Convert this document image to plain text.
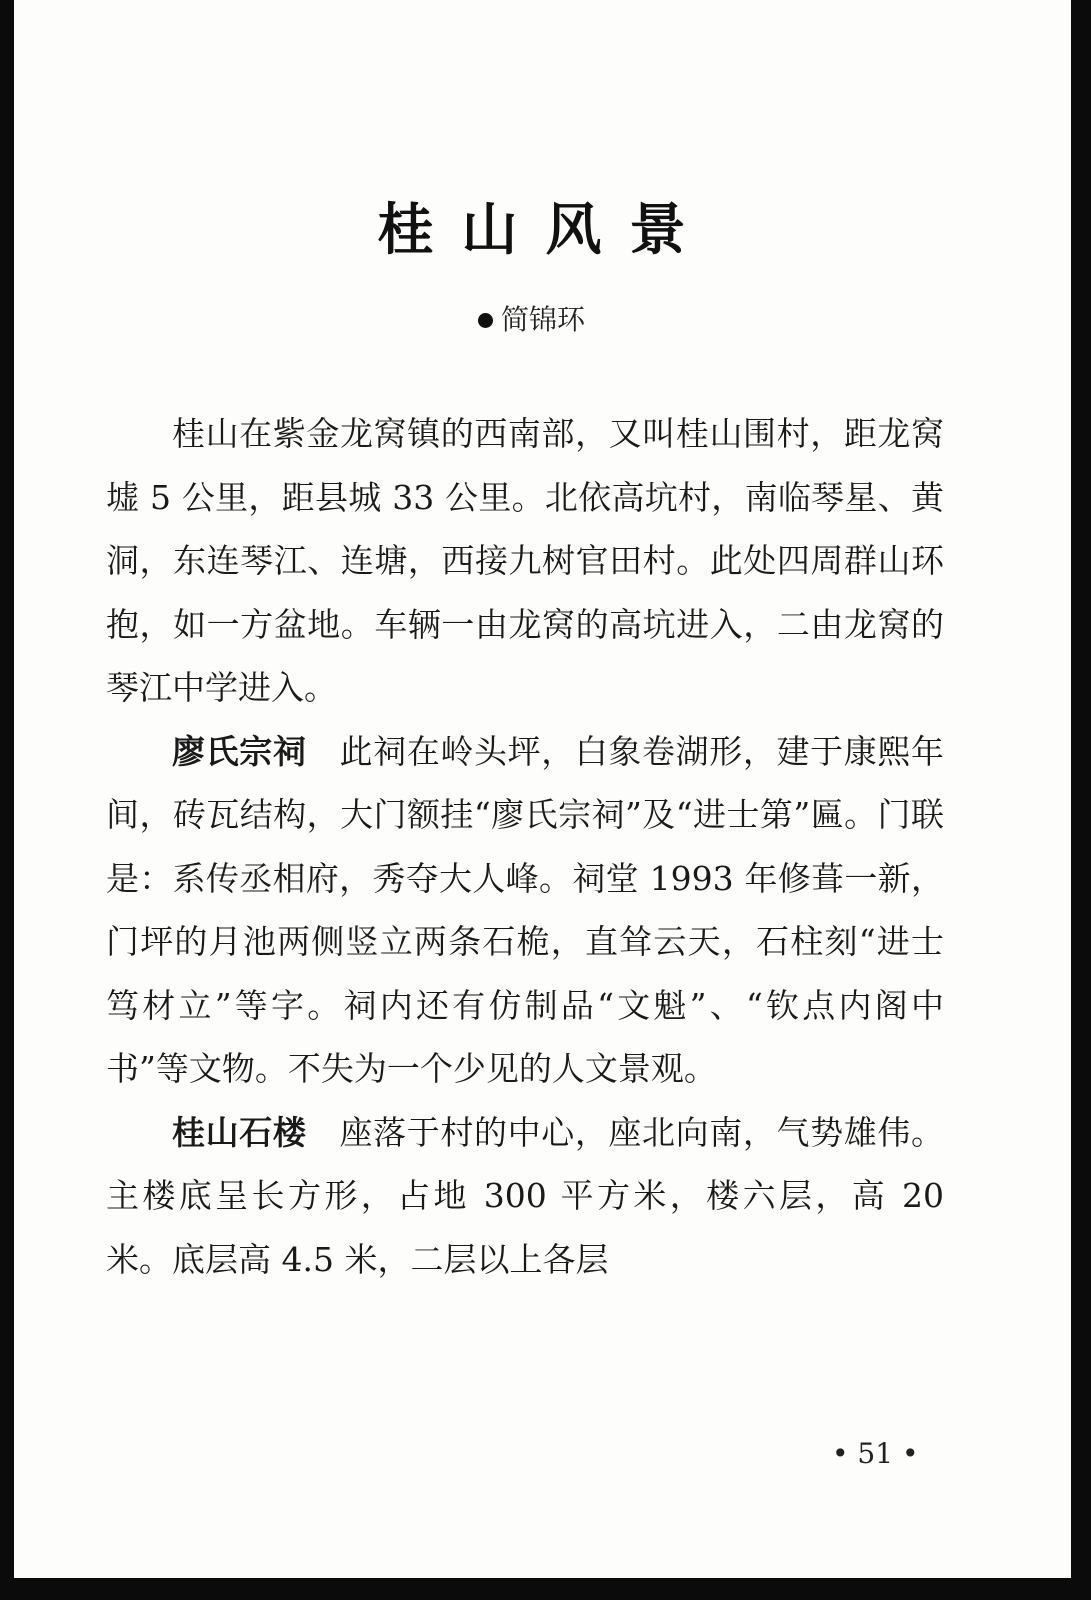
桂山风景
简锦环

桂山在紫金龙窝镇的西南部，又叫桂山围村，距龙窝墟 5 公里，距县城 33 公里。北依高坑村，南临琴星、黄洞，东连琴江、连塘，西接九树官田村。此处四周群山环抱，如一方盆地。车辆一由龙窝的高坑进入，二由龙窝的琴江中学进入。

廖氏宗祠 此祠在岭头坪，白象卷湖形，建于康熙年间，砖瓦结构，大门额挂“廖氏宗祠”及“进士第”匾。门联是：系传丞相府，秀夺大人峰。祠堂 1993 年修葺一新，门坪的月池两侧竖立两条石桅，直耸云天，石柱刻“进士笃材立”等字。祠内还有仿制品“文魁”、“钦点内阁中书”等文物。不失为一个少见的人文景观。

桂山石楼 座落于村的中心，座北向南，气势雄伟。主楼底呈长方形，占地 300 平方米，楼六层，高 20 米。底层高 4.5 米，二层以上各层

• 51 •
